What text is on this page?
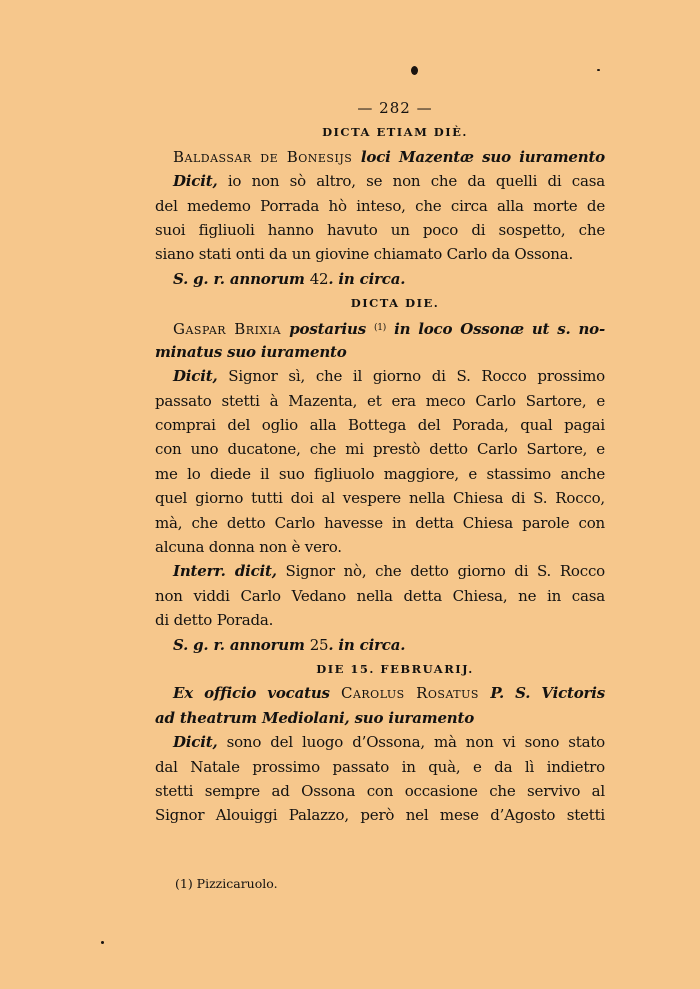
— 282 —
DICTA ETIAM DIÈ.
Baldassar de Bonesijs loci Mazentæ suo iuramento
Dicit, io non sò altro, se non che da quelli di casa
del medemo Porrada hò inteso, che circa alla morte de
suoi figliuoli hanno havuto un poco di sospetto, che
siano stati onti da un giovine chiamato Carlo da Ossona.
S. g. r. annorum 42. in circa.
DICTA DIE.
Gaspar Brixia postarius $^{(1)}$ in loco Ossonæ ut s. no-
minatus suo iuramento
Dicit, Signor sì, che il giorno di S. Rocco prossimo
passato stetti à Mazenta, et era meco Carlo Sartore, e
comprai del oglio alla Bottega del Porada, qual pagai
con uno ducatone, che mi prestò detto Carlo Sartore, e
me lo diede il suo figliuolo maggiore, e stassimo anche
quel giorno tutti doi al vespere nella Chiesa di S. Rocco,
mà, che detto Carlo havesse in detta Chiesa parole con
alcuna donna non è vero.
Interr. dicit, Signor nò, che detto giorno di S. Rocco
non viddi Carlo Vedano nella detta Chiesa, ne in casa
di detto Porada.
S. g. r. annorum 25. in circa.
DIE 15. FEBRUARIJ.
Ex officio vocatus Carolus Rosatus P. S. Victoris
ad theatrum Mediolani, suo iuramento
Dicit, sono del luogo d’Ossona, mà non vi sono stato
dal Natale prossimo passato in quà, e da lì indietro
stetti sempre ad Ossona con occasione che servivo al
Signor Alouiggi Palazzo, però nel mese d’Agosto stetti
(1) Pizzicaruolo.
